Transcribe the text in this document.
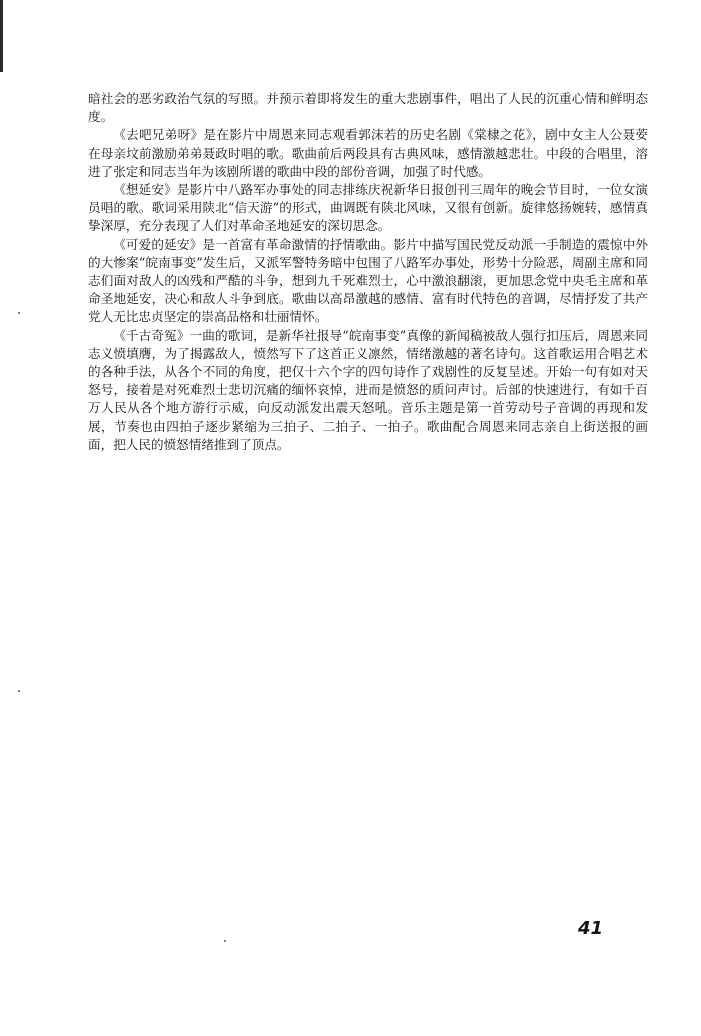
暗社会的恶劣政治气氛的写照。并预示着即将发生的重大悲剧事件，唱出了人民的沉重心情和鲜明态度。

《去吧兄弟呀》是在影片中周恩来同志观看郭沫若的历史名剧《棠棣之花》，剧中女主人公聂荌在母亲坟前激励弟弟聂政时唱的歌。歌曲前后两段具有古典风味，感情激越悲壮。中段的合唱里，溶进了张定和同志当年为该剧所谱的歌曲中段的部份音调，加强了时代感。

《想延安》是影片中八路军办事处的同志排练庆祝新华日报创刊三周年的晚会节目时，一位女演员唱的歌。歌词采用陕北“信天游”的形式，曲调既有陕北风味，又很有创新。旋律悠扬婉转，感情真挚深厚，充分表现了人们对革命圣地延安的深切思念。

《可爱的延安》是一首富有革命激情的抒情歌曲。影片中描写国民党反动派一手制造的震惊中外的大惨案“皖南事变”发生后，又派军警特务暗中包围了八路军办事处，形势十分险恶，周副主席和同志们面对敌人的凶残和严酷的斗争，想到九千死难烈士，心中激浪翻滚，更加思念党中央毛主席和革命圣地延安，决心和敌人斗争到底。歌曲以高昂激越的感情、富有时代特色的音调，尽情抒发了共产党人无比忠贞坚定的崇高品格和壮丽情怀。

《千古奇冤》一曲的歌词，是新华社报导“皖南事变”真像的新闻稿被敌人强行扣压后，周恩来同志义愤填膺，为了揭露敌人，愤然写下了这首正义凛然，情绪激越的著名诗句。这首歌运用合唱艺术的各种手法，从各个不同的角度，把仅十六个字的四句诗作了戏剧性的反复呈述。开始一句有如对天怒号，接着是对死难烈士悲切沉痛的缅怀哀悼，进而是愤怒的质问声讨。后部的快速进行，有如千百万人民从各个地方游行示威，向反动派发出震天怒吼。音乐主题是第一首劳动号子音调的再现和发展，节奏也由四拍子逐步紧缩为三拍子、二拍子、一拍子。歌曲配合周恩来同志亲自上街送报的画面，把人民的愤怒情绪推到了顶点。

41
